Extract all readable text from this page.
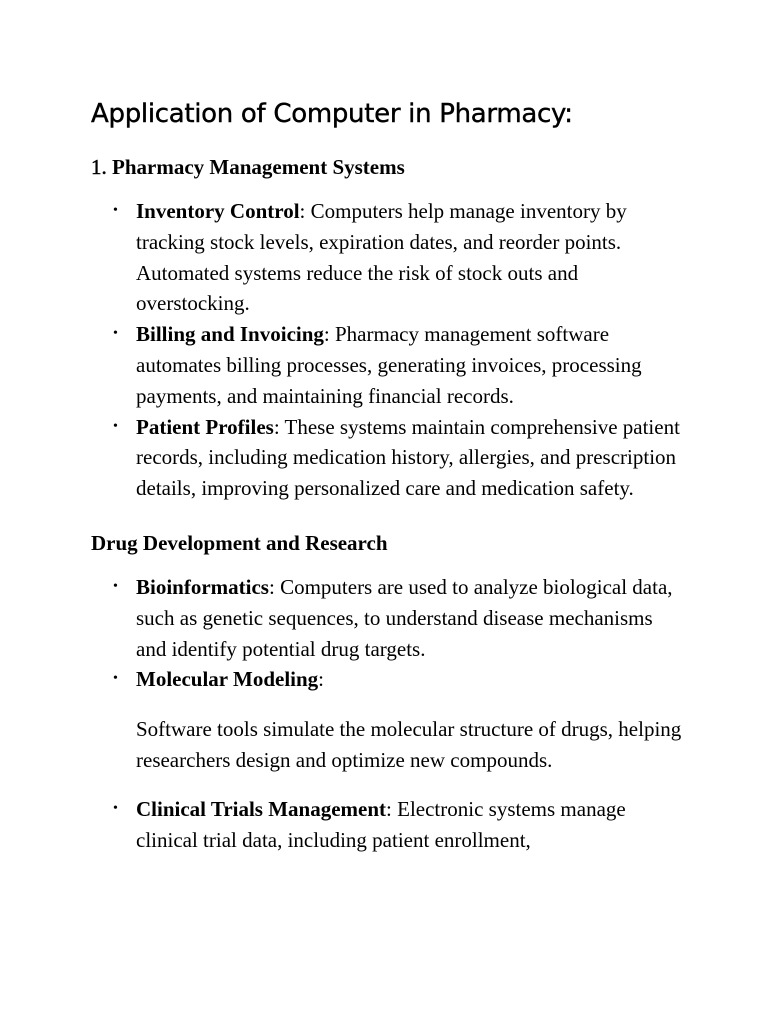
Application of Computer in Pharmacy:
1. Pharmacy Management Systems
• Inventory Control: Computers help manage inventory by tracking stock levels, expiration dates, and reorder points. Automated systems reduce the risk of stock outs and overstocking.
• Billing and Invoicing: Pharmacy management software automates billing processes, generating invoices, processing payments, and maintaining financial records.
• Patient Profiles: These systems maintain comprehensive patient records, including medication history, allergies, and prescription details, improving personalized care and medication safety.
Drug Development and Research
• Bioinformatics: Computers are used to analyze biological data, such as genetic sequences, to understand disease mechanisms and identify potential drug targets.
• Molecular Modeling:

Software tools simulate the molecular structure of drugs, helping researchers design and optimize new compounds.

• Clinical Trials Management: Electronic systems manage clinical trial data, including patient enrollment,
